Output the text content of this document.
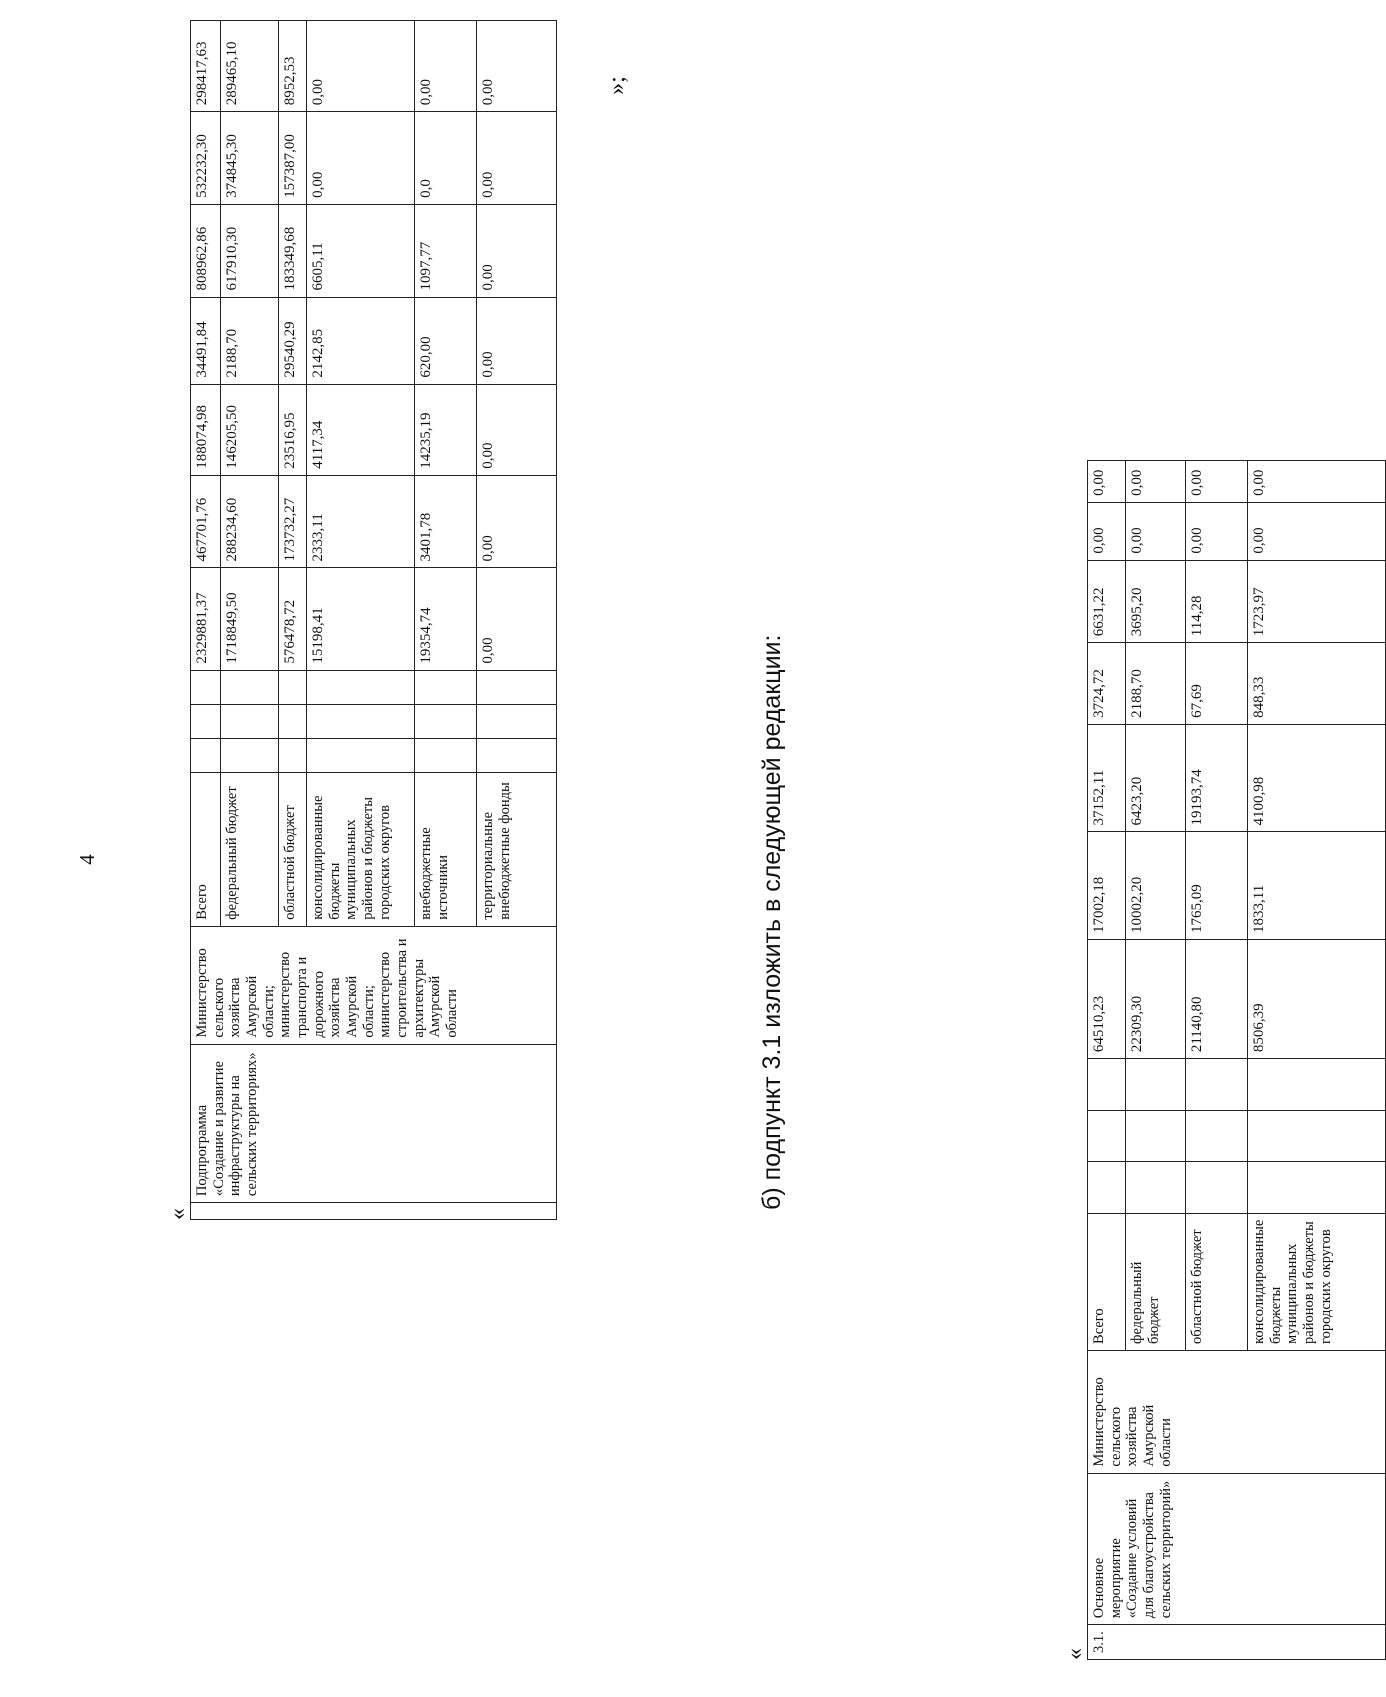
4
«
	Подпрограмма «Создание и развитие инфраструктуры на сельских территориях»	Министерство сельского хозяйства Амурской области; министерство транспорта и дорожного хозяйства Амурской области; министерство строительства и архитектуры Амурской области	Всего				2329881,37	467701,76	188074,98	34491,84	808962,86	532232,30	298417,63
			федеральный бюджет				1718849,50	288234,60	146205,50	2188,70	617910,30	374845,30	289465,10
			областной бюджет				576478,72	173732,27	23516,95	29540,29	183349,68	157387,00	8952,53
			консолидированные бюджеты муниципальных районов и бюджеты городских округов				15198,41	2333,11	4117,34	2142,85	6605,11	0,00	0,00
			внебюджетные источники				19354,74	3401,78	14235,19	620,00	1097,77	0,0	0,00
			территориальные внебюджетные фонды				0,00	0,00	0,00	0,00	0,00	0,00	0,00	»;
б) подпункт 3.1 изложить в следующей редакции:
«
3.1.	Основное мероприятие «Создание условий для благоустройства сельских территорий»	Министерство сельского хозяйства Амурской области	Всего				64510,23	17002,18	37152,11	3724,72	6631,22	0,00	0,00
			федеральный бюджет				22309,30	10002,20	6423,20	2188,70	3695,20	0,00	0,00
			областной бюджет				21140,80	1765,09	19193,74	67,69	114,28	0,00	0,00
			консолидированные бюджеты муниципальных районов и бюджеты городских округов				8506,39	1833,11	4100,98	848,33	1723,97	0,00	0,00
